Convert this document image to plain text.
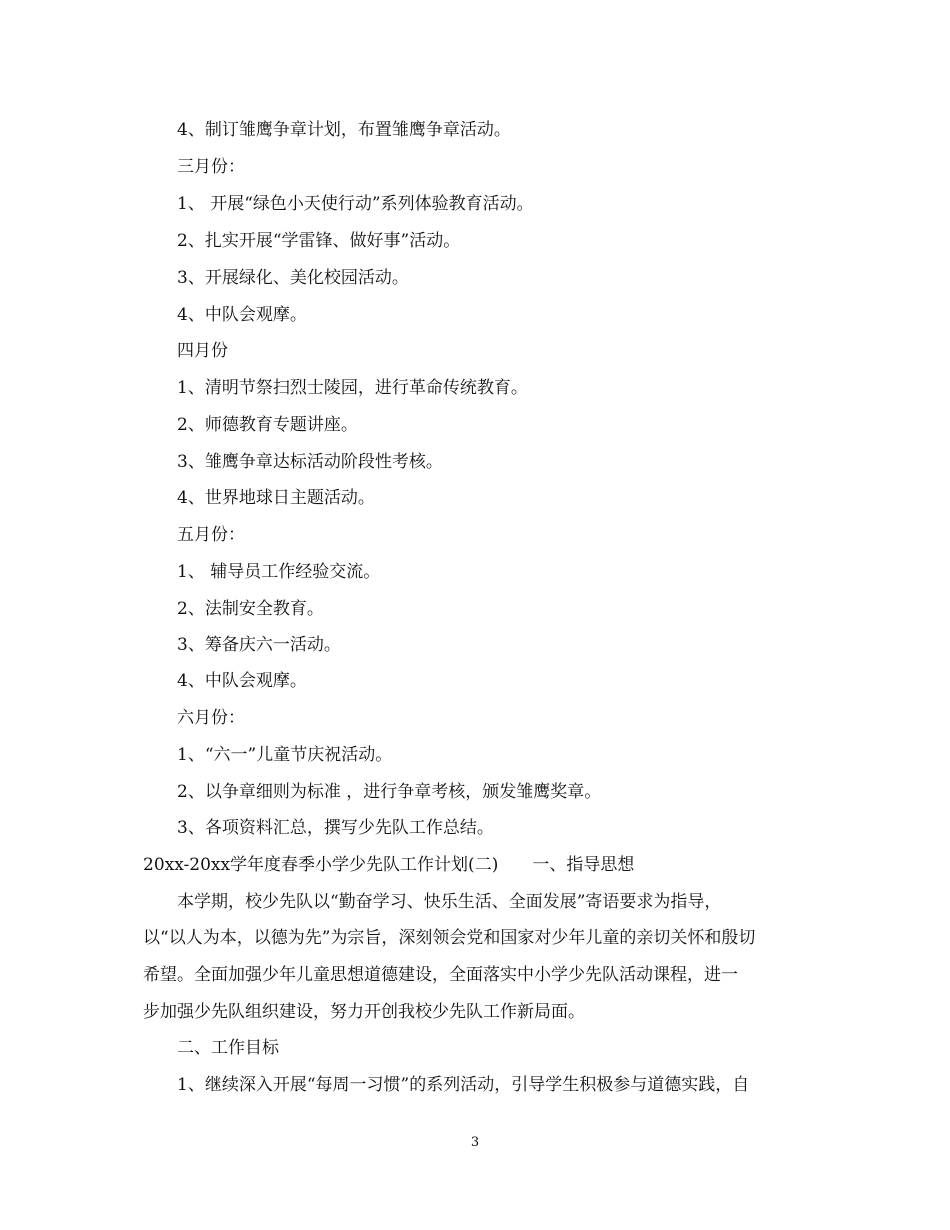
4、制订雏鹰争章计划，布置雏鹰争章活动。
三月份：
1、 开展“绿色小天使行动”系列体验教育活动。
2、扎实开展“学雷锋、做好事”活动。
3、开展绿化、美化校园活动。
4、中队会观摩。
四月份
1、清明节祭扫烈士陵园，进行革命传统教育。
2、师德教育专题讲座。
3、雏鹰争章达标活动阶段性考核。
4、世界地球日主题活动。
五月份：
1、 辅导员工作经验交流。
2、法制安全教育。
3、筹备庆六一活动。
4、中队会观摩。
六月份：
1、“六一”儿童节庆祝活动。
2、以争章细则为标准 ，进行争章考核，颁发雏鹰奖章。
3、各项资料汇总，撰写少先队工作总结。
20xx-20xx学年度春季小学少先队工作计划(二)　　一、指导思想
本学期，校少先队以“勤奋学习、快乐生活、全面发展”寄语要求为指导，
以“以人为本，以德为先”为宗旨，深刻领会党和国家对少年儿童的亲切关怀和殷切
希望。全面加强少年儿童思想道德建设，全面落实中小学少先队活动课程，进一
步加强少先队组织建设，努力开创我校少先队工作新局面。
二、工作目标
1、继续深入开展“每周一习惯”的系列活动，引导学生积极参与道德实践，自
3
